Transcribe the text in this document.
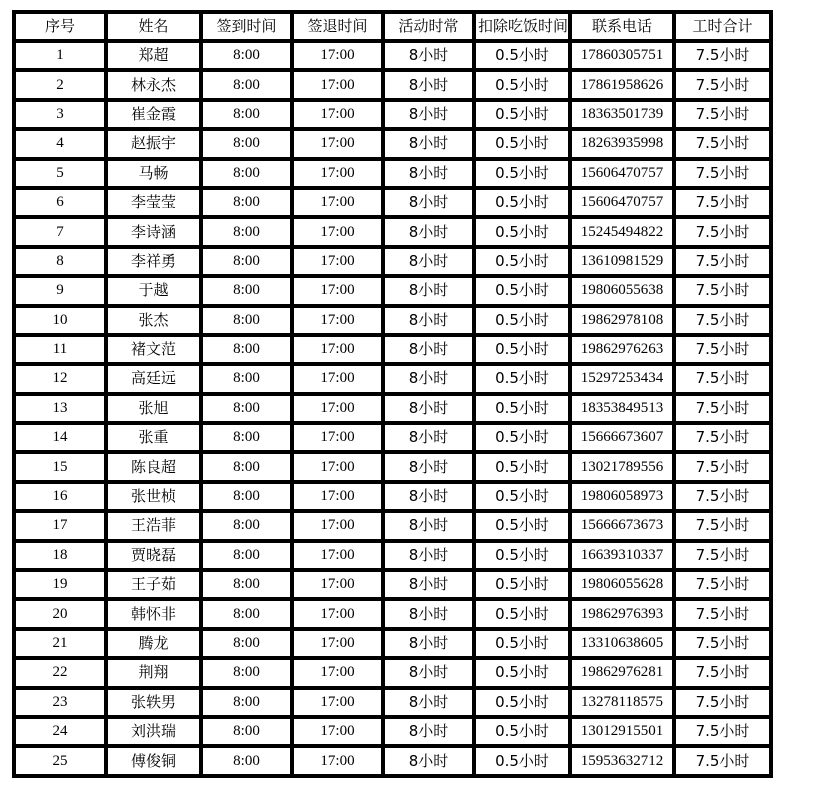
序号	姓名	签到时间	签退时间	活动时常	扣除吃饭时间	联系电话	工时合计
1	郑超	8:00	17:00	8小时	0.5小时	17860305751	7.5小时
2	林永杰	8:00	17:00	8小时	0.5小时	17861958626	7.5小时
3	崔金霞	8:00	17:00	8小时	0.5小时	18363501739	7.5小时
4	赵振宇	8:00	17:00	8小时	0.5小时	18263935998	7.5小时
5	马畅	8:00	17:00	8小时	0.5小时	15606470757	7.5小时
6	李莹莹	8:00	17:00	8小时	0.5小时	15606470757	7.5小时
7	李诗涵	8:00	17:00	8小时	0.5小时	15245494822	7.5小时
8	李祥勇	8:00	17:00	8小时	0.5小时	13610981529	7.5小时
9	于越	8:00	17:00	8小时	0.5小时	19806055638	7.5小时
10	张杰	8:00	17:00	8小时	0.5小时	19862978108	7.5小时
11	褚文范	8:00	17:00	8小时	0.5小时	19862976263	7.5小时
12	高廷远	8:00	17:00	8小时	0.5小时	15297253434	7.5小时
13	张旭	8:00	17:00	8小时	0.5小时	18353849513	7.5小时
14	张重	8:00	17:00	8小时	0.5小时	15666673607	7.5小时
15	陈良超	8:00	17:00	8小时	0.5小时	13021789556	7.5小时
16	张世桢	8:00	17:00	8小时	0.5小时	19806058973	7.5小时
17	王浩菲	8:00	17:00	8小时	0.5小时	15666673673	7.5小时
18	贾晓磊	8:00	17:00	8小时	0.5小时	16639310337	7.5小时
19	王子茹	8:00	17:00	8小时	0.5小时	19806055628	7.5小时
20	韩怀非	8:00	17:00	8小时	0.5小时	19862976393	7.5小时
21	腾龙	8:00	17:00	8小时	0.5小时	13310638605	7.5小时
22	荆翔	8:00	17:00	8小时	0.5小时	19862976281	7.5小时
23	张轶男	8:00	17:00	8小时	0.5小时	13278118575	7.5小时
24	刘洪瑞	8:00	17:00	8小时	0.5小时	13012915501	7.5小时
25	傅俊铜	8:00	17:00	8小时	0.5小时	15953632712	7.5小时
